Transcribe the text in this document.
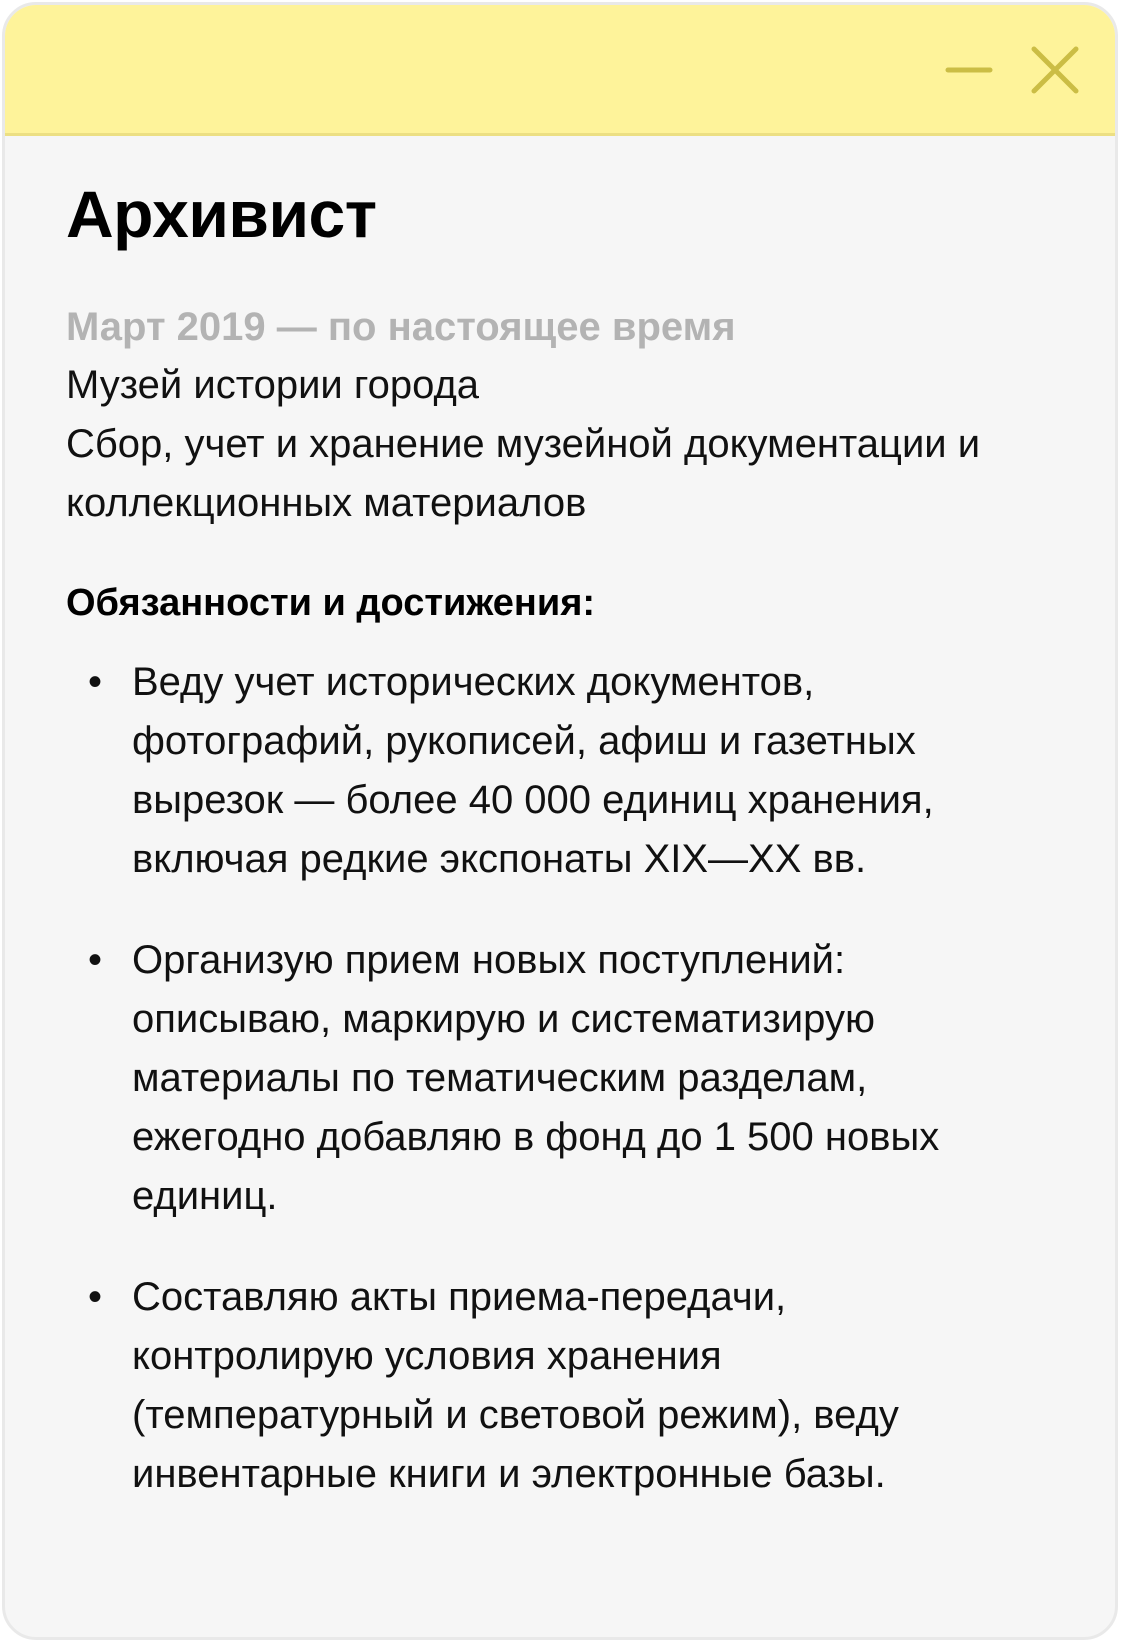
Архивист
Март 2019 — по настоящее время
Музей истории города
Сбор, учет и хранение музейной документации и коллекционных материалов
Обязанности и достижения:
• Веду учет исторических документов, фотографий, рукописей, афиш и газетных вырезок — более 40 000 единиц хранения, включая редкие экспонаты XIX—XX вв.
• Организую прием новых поступлений: описываю, маркирую и систематизирую материалы по тематическим разделам, ежегодно добавляю в фонд до 1 500 новых единиц.
• Составляю акты приема-передачи, контролирую условия хранения (температурный и световой режим), веду инвентарные книги и электронные базы.
